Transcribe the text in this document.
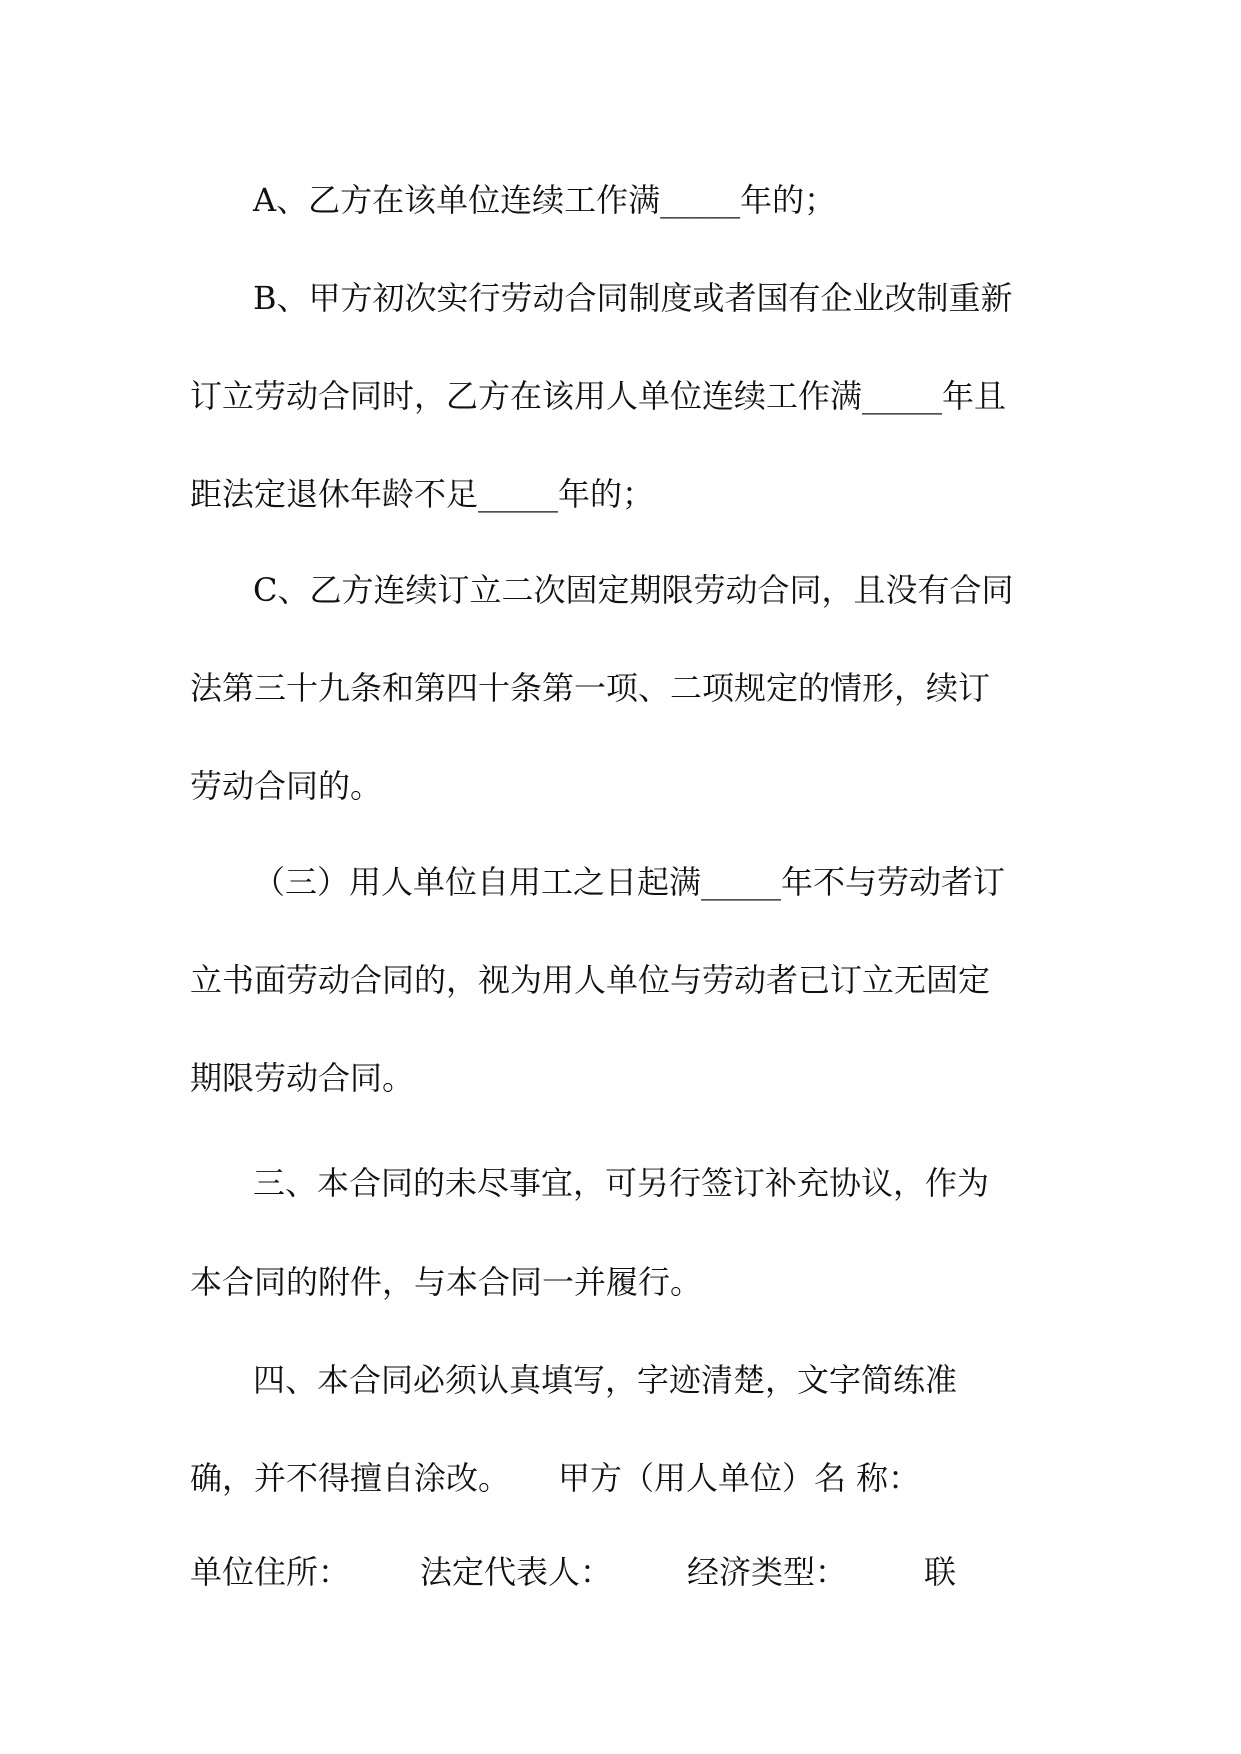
A、乙方在该单位连续工作满_____年的；
B、甲方初次实行劳动合同制度或者国有企业改制重新
订立劳动合同时，乙方在该用人单位连续工作满_____年且
距法定退休年龄不足_____年的；
C、乙方连续订立二次固定期限劳动合同，且没有合同
法第三十九条和第四十条第一项、二项规定的情形，续订
劳动合同的。
（三）用人单位自用工之日起满_____年不与劳动者订
立书面劳动合同的，视为用人单位与劳动者已订立无固定
期限劳动合同。
三、本合同的未尽事宜，可另行签订补充协议，作为
本合同的附件，与本合同一并履行。
四、本合同必须认真填写，字迹清楚，文字简练准
确，并不得擅自涂改。　　甲方（用人单位）名 称：
单位住所： 法定代表人： 经济类型： 联
